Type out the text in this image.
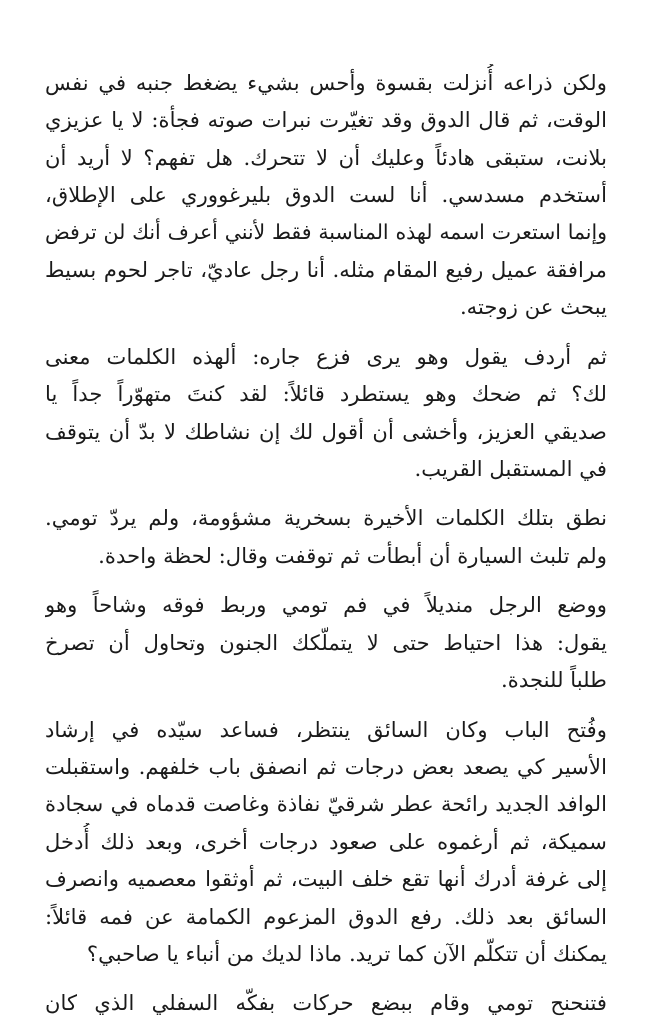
ولكن ذراعه أُنزلت بقسوة وأحس بشيء يضغط جنبه في نفس
الوقت، ثم قال الدوق وقد تغيّرت نبرات صوته فجأة: لا يا عزيزي
بلانت، ستبقى هادئاً وعليك أن لا تتحرك. هل تفهم؟ لا أريد أن
أستخدم مسدسي. أنا لست الدوق بليرغووري على الإطلاق،
وإنما استعرت اسمه لهذه المناسبة فقط لأنني أعرف أنك لن ترفض
مرافقة عميل رفيع المقام مثله. أنا رجل عاديّ، تاجر لحوم بسيط
يبحث عن زوجته.

ثم أردف يقول وهو يرى فزع جاره: ألهذه الكلمات معنى
لك؟ ثم ضحك وهو يستطرد قائلاً: لقد كنتَ متهوّراً جداً يا
صديقي العزيز، وأخشى أن أقول لك إن نشاطك لا بدّ أن يتوقف
في المستقبل القريب.

نطق بتلك الكلمات الأخيرة بسخرية مشؤومة، ولم يردّ تومي.
ولم تلبث السيارة أن أبطأت ثم توقفت وقال: لحظة واحدة.

ووضع الرجل منديلاً في فم تومي وربط فوقه وشاحاً وهو
يقول: هذا احتياط حتى لا يتملّكك الجنون وتحاول أن تصرخ
طلباً للنجدة.

وفُتح الباب وكان السائق ينتظر، فساعد سيّده في إرشاد
الأسير كي يصعد بعض درجات ثم انصفق باب خلفهم. واستقبلت
الوافد الجديد رائحة عطر شرقيّ نفاذة وغاصت قدماه في سجادة
سميكة، ثم أرغموه على صعود درجات أخرى، وبعد ذلك أُدخل
إلى غرفة أدرك أنها تقع خلف البيت، ثم أوثقوا معصميه وانصرف
السائق بعد ذلك. رفع الدوق المزعوم الكمامة عن فمه قائلاً:
يمكنك أن تتكلّم الآن كما تريد. ماذا لديك من أنباء يا صاحبي؟

فتنحنح تومي وقام ببضع حركات بفكّه السفلي الذي كان
